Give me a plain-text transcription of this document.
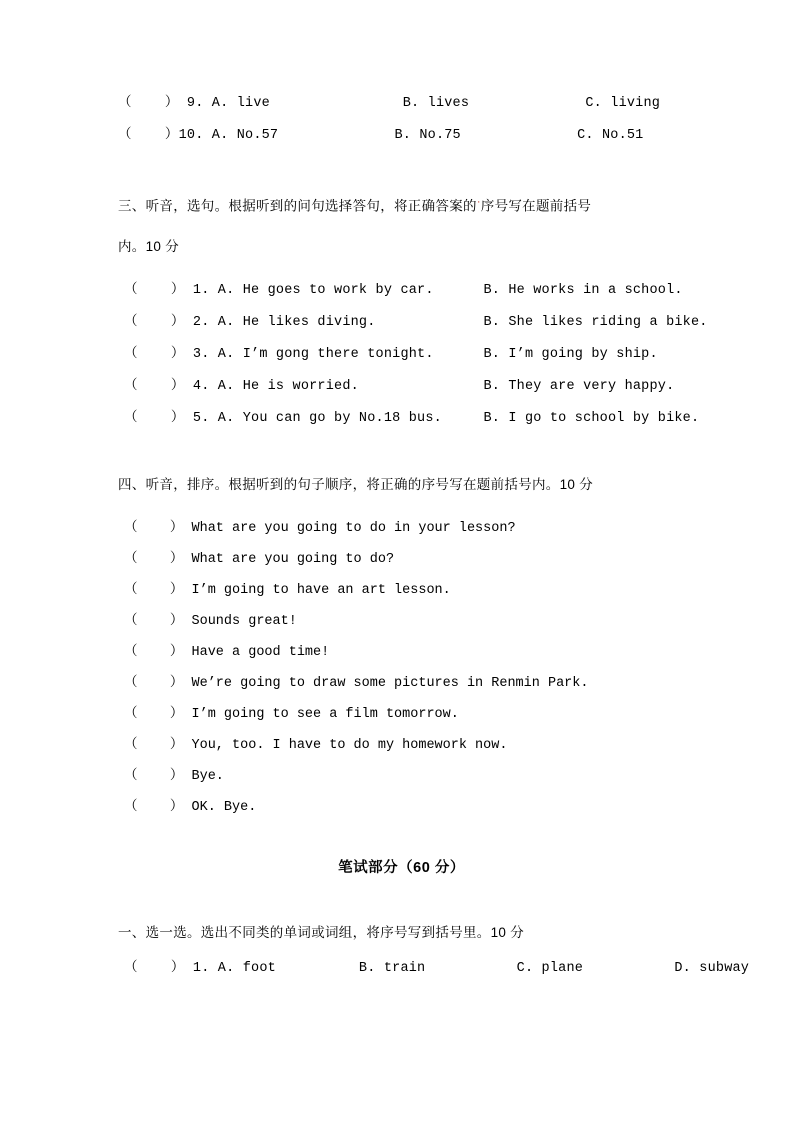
（    ） 9. A. live                B. lives              C. living
（    ）10. A. No.57              B. No.75              C. No.51
三、听音，选句。根据听到的问句选择答句，将正确答案的·序号写在题前括号
内。10 分
（    ） 1. A. He goes to work by car.      B. He works in a school.
（    ） 2. A. He likes diving.             B. She likes riding a bike.
（    ） 3. A. I’m gong there tonight.      B. I’m going by ship.
（    ） 4. A. He is worried.               B. They are very happy.
（    ） 5. A. You can go by No.18 bus.     B. I go to school by bike.
四、听音，排序。根据听到的句子顺序，将正确的序号写在题前括号内。10 分
（    ） What are you going to do in your lesson?
（    ） What are you going to do?
（    ） I’m going to have an art lesson.
（    ） Sounds great!
（    ） Have a good time!
（    ） We’re going to draw some pictures in Renmin Park.
（    ） I’m going to see a film tomorrow.
（    ） You, too. I have to do my homework now.
（    ） Bye.
（    ） OK. Bye.
笔试部分（60 分）
一、选一选。选出不同类的单词或词组，将序号写到括号里。10 分
（    ） 1. A. foot          B. train           C. plane           D. subway
